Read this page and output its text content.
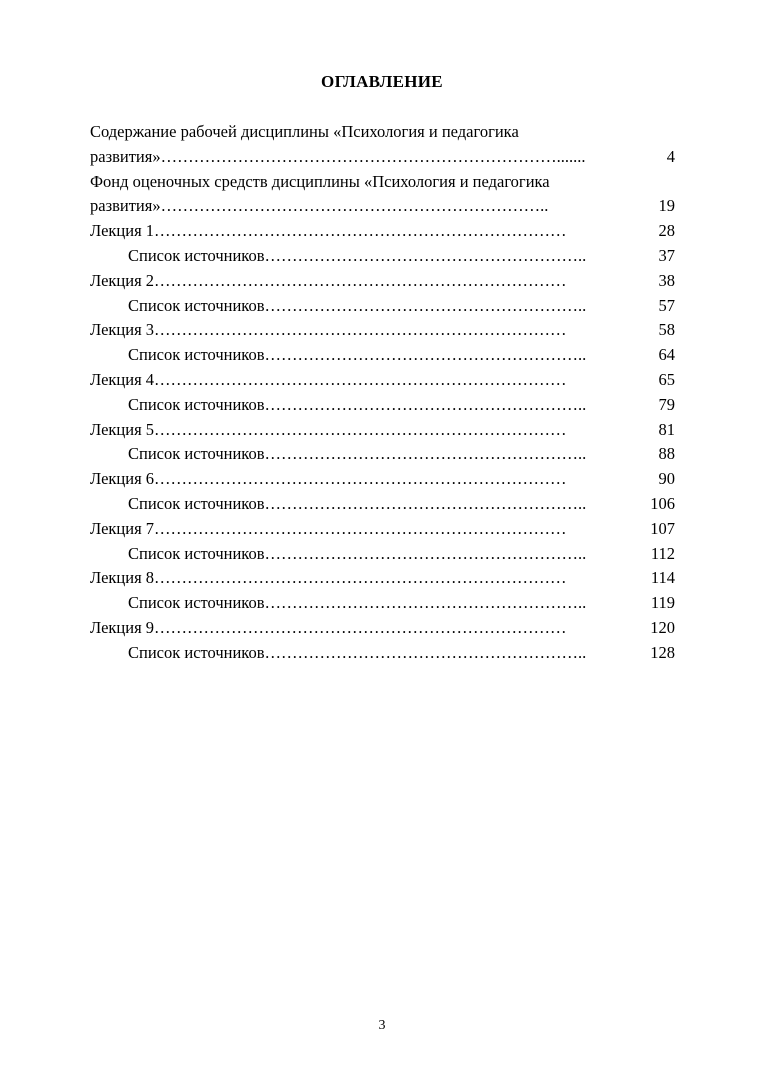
ОГЛАВЛЕНИЕ
Содержание рабочей дисциплины «Психология и педагогика
развития» ……………………………………………………………….......	4
Фонд оценочных средств дисциплины «Психология и педагогика
развития» ……………………………………………………………..	19
Лекция 1 …………………………………………………………………	28
Список источников …………………………………………………..	37
Лекция 2 …………………………………………………………………	38
Список источников …………………………………………………..	57
Лекция 3 …………………………………………………………………	58
Список источников …………………………………………………..	64
Лекция 4 …………………………………………………………………	65
Список источников …………………………………………………..	79
Лекция 5 …………………………………………………………………	81
Список источников …………………………………………………..	88
Лекция 6 …………………………………………………………………	90
Список источников …………………………………………………..	106
Лекция 7 …………………………………………………………………	107
Список источников …………………………………………………..	112
Лекция 8 …………………………………………………………………	114
Список источников …………………………………………………..	119
Лекция 9 …………………………………………………………………	120
Список источников …………………………………………………..	128
3
